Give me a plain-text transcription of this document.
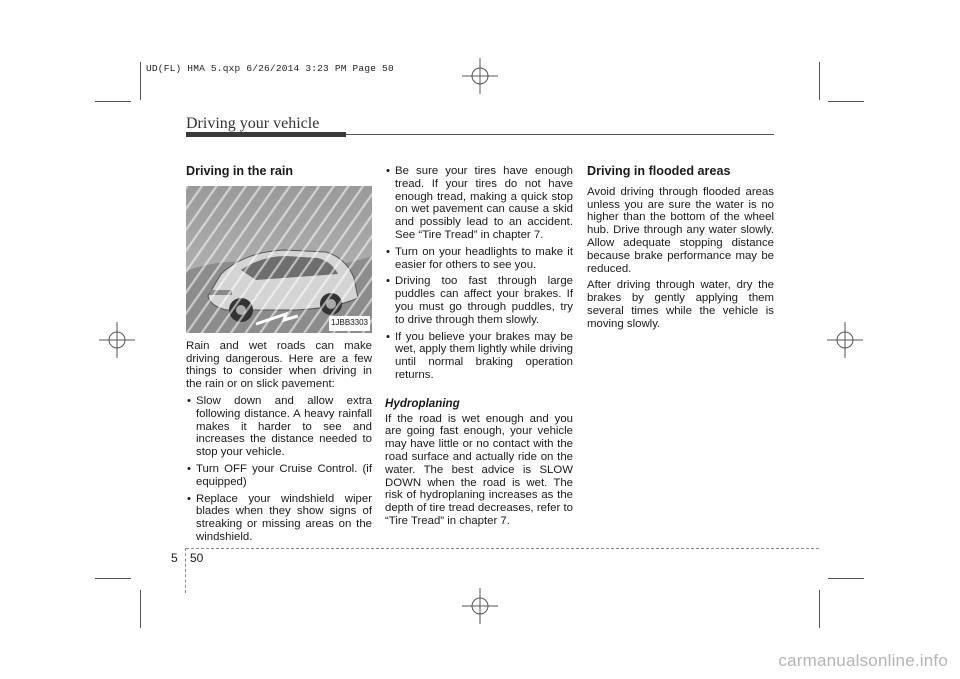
UD(FL) HMA 5.qxp 6/26/2014 3:23 PM Page 50
Driving your vehicle
Driving in the rain
1JBB3303

Rain and wet roads can make driving dangerous. Here are a few things to consider when driving in the rain or on slick pavement:

• Slow down and allow extra following distance. A heavy rainfall makes it harder to see and increases the distance needed to stop your vehicle.
• Turn OFF your Cruise Control. (if equipped)
• Replace your windshield wiper blades when they show signs of streaking or missing areas on the windshield.
• Be sure your tires have enough tread. If your tires do not have enough tread, making a quick stop on wet pavement can cause a skid and possibly lead to an accident. See “Tire Tread” in chapter 7.
• Turn on your headlights to make it easier for others to see you.
• Driving too fast through large puddles can affect your brakes. If you must go through puddles, try to drive through them slowly.
• If you believe your brakes may be wet, apply them lightly while driving until normal braking operation returns.
Hydroplaning

If the road is wet enough and you are going fast enough, your vehicle may have little or no contact with the road surface and actually ride on the water. The best advice is SLOW DOWN when the road is wet. The risk of hydroplaning increases as the depth of tire tread decreases, refer to “Tire Tread” in chapter 7.

Driving in flooded areas

Avoid driving through flooded areas unless you are sure the water is no higher than the bottom of the wheel hub. Drive through any water slowly. Allow adequate stopping distance because brake performance may be reduced.

After driving through water, dry the brakes by gently applying them several times while the vehicle is moving slowly.

5 50
carmanualsonline.info
